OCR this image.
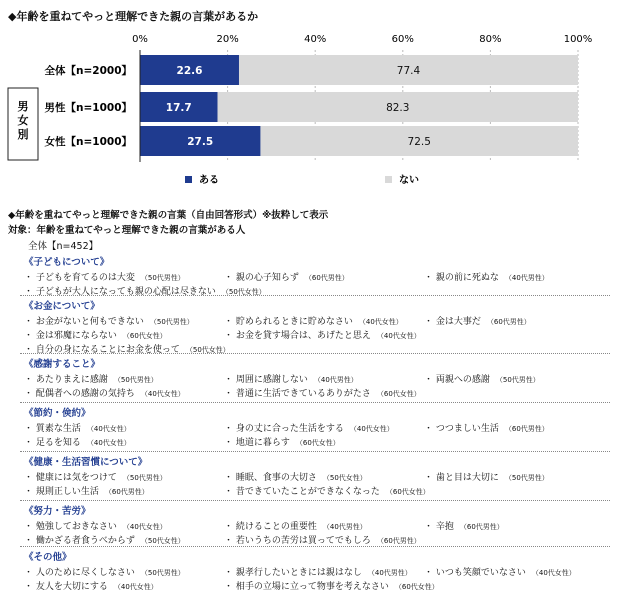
◆年齢を重ねてやっと理解できた親の言葉があるか
0%	20%	40%	60%	80%	100%
男
女
別
全体【n=2000】	22.6	77.4
男性【n=1000】	17.7	82.3
女性【n=1000】	27.5	72.5
ある	ない
◆年齢を重ねてやっと理解できた親の言葉（自由回答形式）※抜粋して表示
対象：年齢を重ねてやっと理解できた親の言葉がある人
全体【n=452】
《子どもについて》
・ 子どもを育てるのは大変 （50代男性）	・ 親の心子知らず （60代男性）	・ 親の前に死ぬな （40代男性）
・ 子どもが大人になっても親の心配は尽きない （50代女性）
《お金について》
・ お金がないと何もできない （50代男性）	・ 貯められるときに貯めなさい （40代女性）	・ 金は大事だ （60代男性）
・ 金は邪魔にならない （60代女性）	・ お金を貸す場合は、あげたと思え （40代女性）
・ 自分の身になることにお金を使って （50代女性）
《感謝すること》
・ あたりまえに感謝 （50代男性）	・ 周囲に感謝しない （40代男性）	・ 両親への感謝 （50代男性）
・ 配偶者への感謝の気持ち （40代女性）	・ 普通に生活できているありがたさ （60代女性）
《節約・倹約》
・ 質素な生活 （40代女性）	・ 身の丈に合った生活をする （40代女性）	・ つつましい生活 （60代男性）
・ 足るを知る （40代女性）	・ 地道に暮らす （60代女性）
《健康・生活習慣について》
・ 健康には気をつけて （50代男性）	・ 睡眠、食事の大切さ （50代女性）	・ 歯と目は大切に （50代男性）
・ 規則正しい生活 （60代男性）	・ 昔できていたことができなくなった （60代女性）
《努力・苦労》
・ 勉強しておきなさい （40代女性）	・ 続けることの重要性 （40代男性）	・ 辛抱 （60代男性）
・ 働かざる者食うべからず （50代女性）	・ 若いうちの苦労は買ってでもしろ （60代男性）
《その他》
・ 人のために尽くしなさい （50代男性）	・ 親孝行したいときには親はなし （40代男性）	・ いつも笑顔でいなさい （40代女性）
・ 友人を大切にする （40代女性）	・ 相手の立場に立って物事を考えなさい （60代女性）
